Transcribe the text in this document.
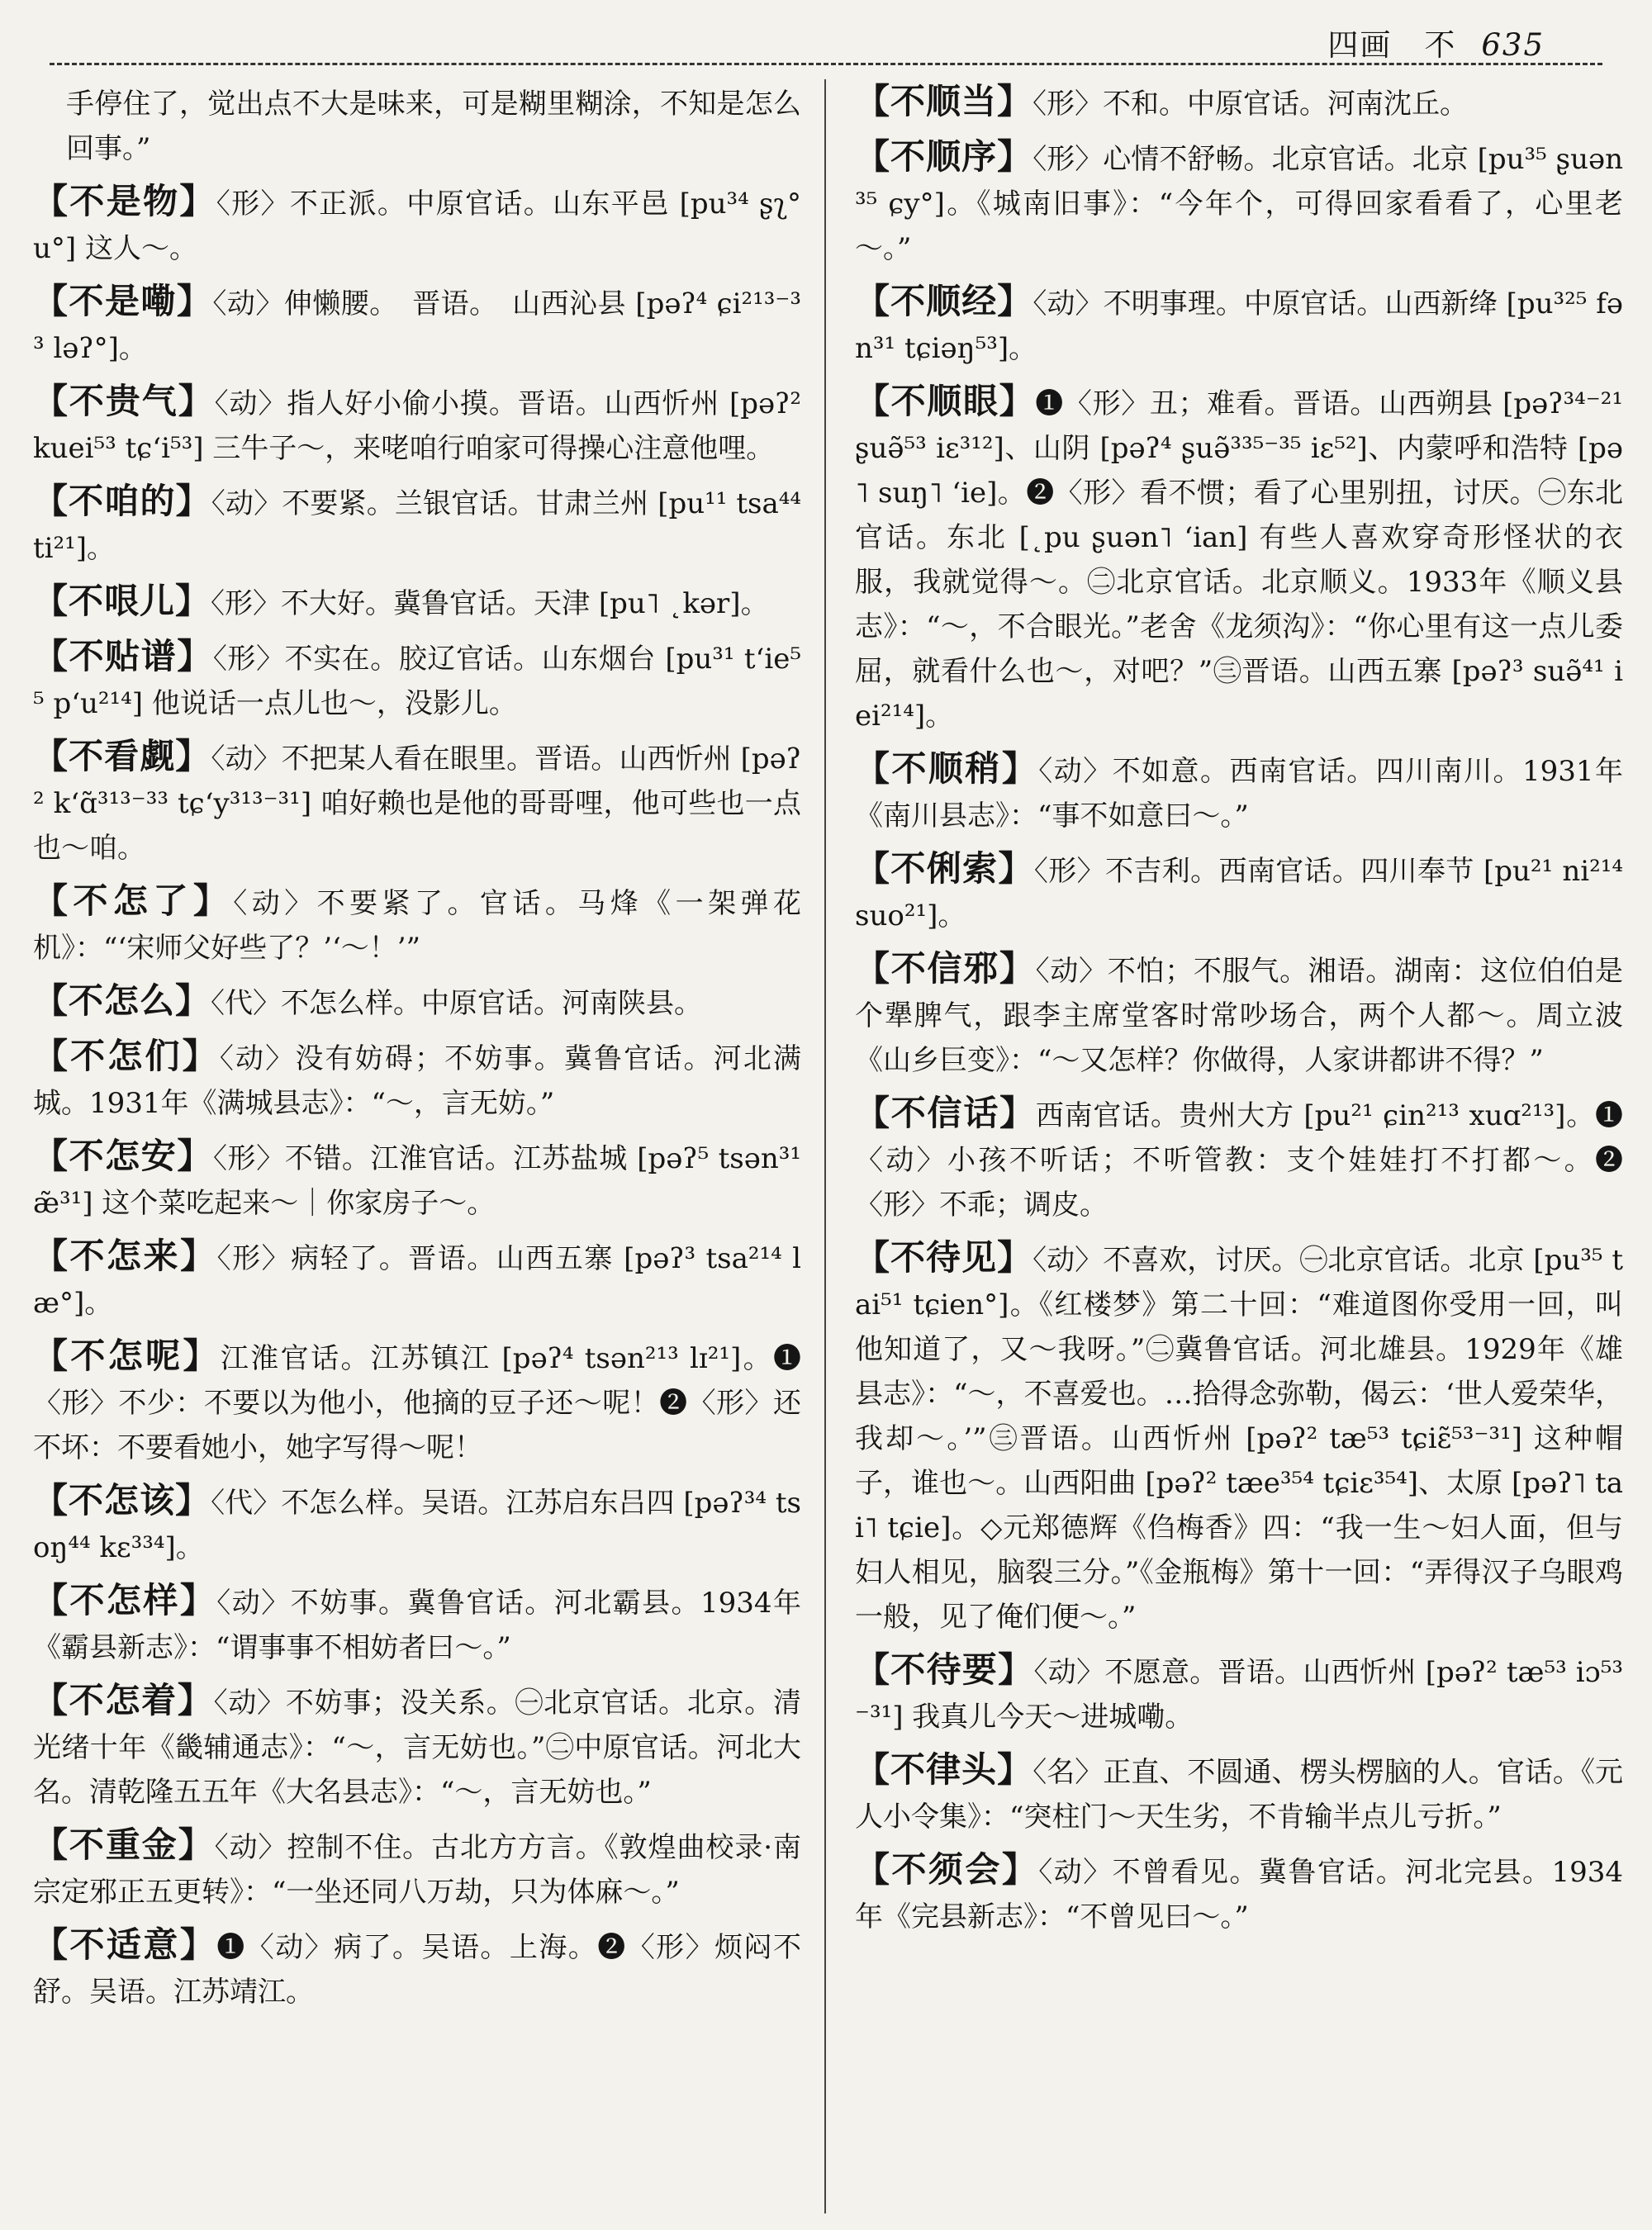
四画　不 635

手停住了，觉出点不大是味来，可是糊里糊涂，不知是怎么回事。”

【不是物】〈形〉不正派。中原官话。山东平邑 [pu³⁴ ʂʅ° u°] 这人～。

【不是嘞】〈动〉伸懒腰。　晋语。　山西沁县 [pəʔ⁴ ɕi²¹³⁻³³ ləʔ°]。

【不贵气】〈动〉指人好小偷小摸。晋语。山西忻州 [pəʔ² kuei⁵³ tɕʻi⁵³] 三牛子～，来咾咱行咱家可得操心注意他哩。

【不咱的】〈动〉不要紧。兰银官话。甘肃兰州 [pu¹¹ tsa⁴⁴ ti²¹]。

【不哏儿】〈形〉不大好。冀鲁官话。天津 [pu˥ ˛kər]。

【不贴谱】〈形〉不实在。胶辽官话。山东烟台 [pu³¹ tʻie⁵⁵ pʻu²¹⁴] 他说话一点儿也～，没影儿。

【不看觑】〈动〉不把某人看在眼里。晋语。山西忻州 [pəʔ² kʻɑ̃³¹³⁻³³ tɕʻy³¹³⁻³¹] 咱好赖也是他的哥哥哩，他可些也一点也～咱。

【不怎了】〈动〉不要紧了。官话。马烽《一架弹花机》：“‘宋师父好些了？’‘～！’”

【不怎么】〈代〉不怎么样。中原官话。河南陕县。

【不怎们】〈动〉没有妨碍；不妨事。冀鲁官话。河北满城。1931年《满城县志》：“～，言无妨。”

【不怎安】〈形〉不错。江淮官话。江苏盐城 [pəʔ⁵ tsən³¹ æ̃³¹] 这个菜吃起来～｜你家房子～。

【不怎来】〈形〉病轻了。晋语。山西五寨 [pəʔ³ tsa²¹⁴ læ°]。

【不怎呢】江淮官话。江苏镇江 [pəʔ⁴ tsən²¹³ lɪ²¹]。❶〈形〉不少：不要以为他小，他摘的豆子还～呢！❷〈形〉还不坏：不要看她小，她字写得～呢！

【不怎该】〈代〉不怎么样。吴语。江苏启东吕四 [pəʔ³⁴ tsoŋ⁴⁴ kɛ³³⁴]。

【不怎样】〈动〉不妨事。冀鲁官话。河北霸县。1934年《霸县新志》：“谓事事不相妨者曰～。”

【不怎着】〈动〉不妨事；没关系。㊀北京官话。北京。清光绪十年《畿辅通志》：“～，言无妨也。”㊁中原官话。河北大名。清乾隆五五年《大名县志》：“～，言无妨也。”

【不重金】〈动〉控制不住。古北方方言。《敦煌曲校录·南宗定邪正五更转》：“一坐还同八万劫，只为体麻～。”

【不适意】❶〈动〉病了。吴语。上海。❷〈形〉烦闷不舒。吴语。江苏靖江。

【不顺当】〈形〉不和。中原官话。河南沈丘。

【不顺序】〈形〉心情不舒畅。北京官话。北京 [pu³⁵ ʂuən³⁵ ɕy°]。《城南旧事》：“今年个，可得回家看看了，心里老～。”

【不顺经】〈动〉不明事理。中原官话。山西新绛 [pu³²⁵ fən³¹ tɕiəŋ⁵³]。

【不顺眼】❶〈形〉丑；难看。晋语。山西朔县 [pəʔ³⁴⁻²¹ ʂuə̃⁵³ iɛ³¹²]、山阴 [pəʔ⁴ ʂuə̃³³⁵⁻³⁵ iɛ⁵²]、内蒙呼和浩特 [pə˥ suŋ˥ ʻie]。❷〈形〉看不惯；看了心里别扭，讨厌。㊀东北官话。东北 [˛pu ʂuən˥ ʻian] 有些人喜欢穿奇形怪状的衣服，我就觉得～。㊁北京官话。北京顺义。1933年《顺义县志》：“～，不合眼光。”老舍《龙须沟》：“你心里有这一点儿委屈，就看什么也～，对吧？”㊂晋语。山西五寨 [pəʔ³ suə̃⁴¹ iei²¹⁴]。

【不顺稍】〈动〉不如意。西南官话。四川南川。1931年《南川县志》：“事不如意曰～。”

【不俐索】〈形〉不吉利。西南官话。四川奉节 [pu²¹ ni²¹⁴ suo²¹]。

【不信邪】〈动〉不怕；不服气。湘语。湖南：这位伯伯是个犟脾气，跟李主席堂客时常吵场合，两个人都～。周立波《山乡巨变》：“～又怎样？你做得，人家讲都讲不得？”

【不信话】西南官话。贵州大方 [pu²¹ ɕin²¹³ xuɑ²¹³]。❶〈动〉小孩不听话；不听管教：支个娃娃打不打都～。❷〈形〉不乖；调皮。

【不待见】〈动〉不喜欢，讨厌。㊀北京官话。北京 [pu³⁵ tai⁵¹ tɕien°]。《红楼梦》第二十回：“难道图你受用一回，叫他知道了，又～我呀。”㊁冀鲁官话。河北雄县。1929年《雄县志》：“～，不喜爱也。…拾得念弥勒，偈云：‘世人爱荣华，我却～。’”㊂晋语。山西忻州 [pəʔ² tæ⁵³ tɕiɛ̃⁵³⁻³¹] 这种帽子，谁也～。山西阳曲 [pəʔ² tæe³⁵⁴ tɕiɛ³⁵⁴]、太原 [pəʔ˥ tai˥ tɕie]。◇元郑德辉《㑇梅香》四：“我一生～妇人面，但与妇人相见，脑裂三分。”《金瓶梅》第十一回：“弄得汉子乌眼鸡一般，见了俺们便～。”

【不待要】〈动〉不愿意。晋语。山西忻州 [pəʔ² tæ⁵³ iɔ⁵³⁻³¹] 我真儿今天～进城嘞。

【不律头】〈名〉正直、不圆通、楞头楞脑的人。官话。《元人小令集》：“突柱门～天生劣，不肯输半点儿亏折。”

【不须会】〈动〉不曾看见。冀鲁官话。河北完县。1934年《完县新志》：“不曾见曰～。”
